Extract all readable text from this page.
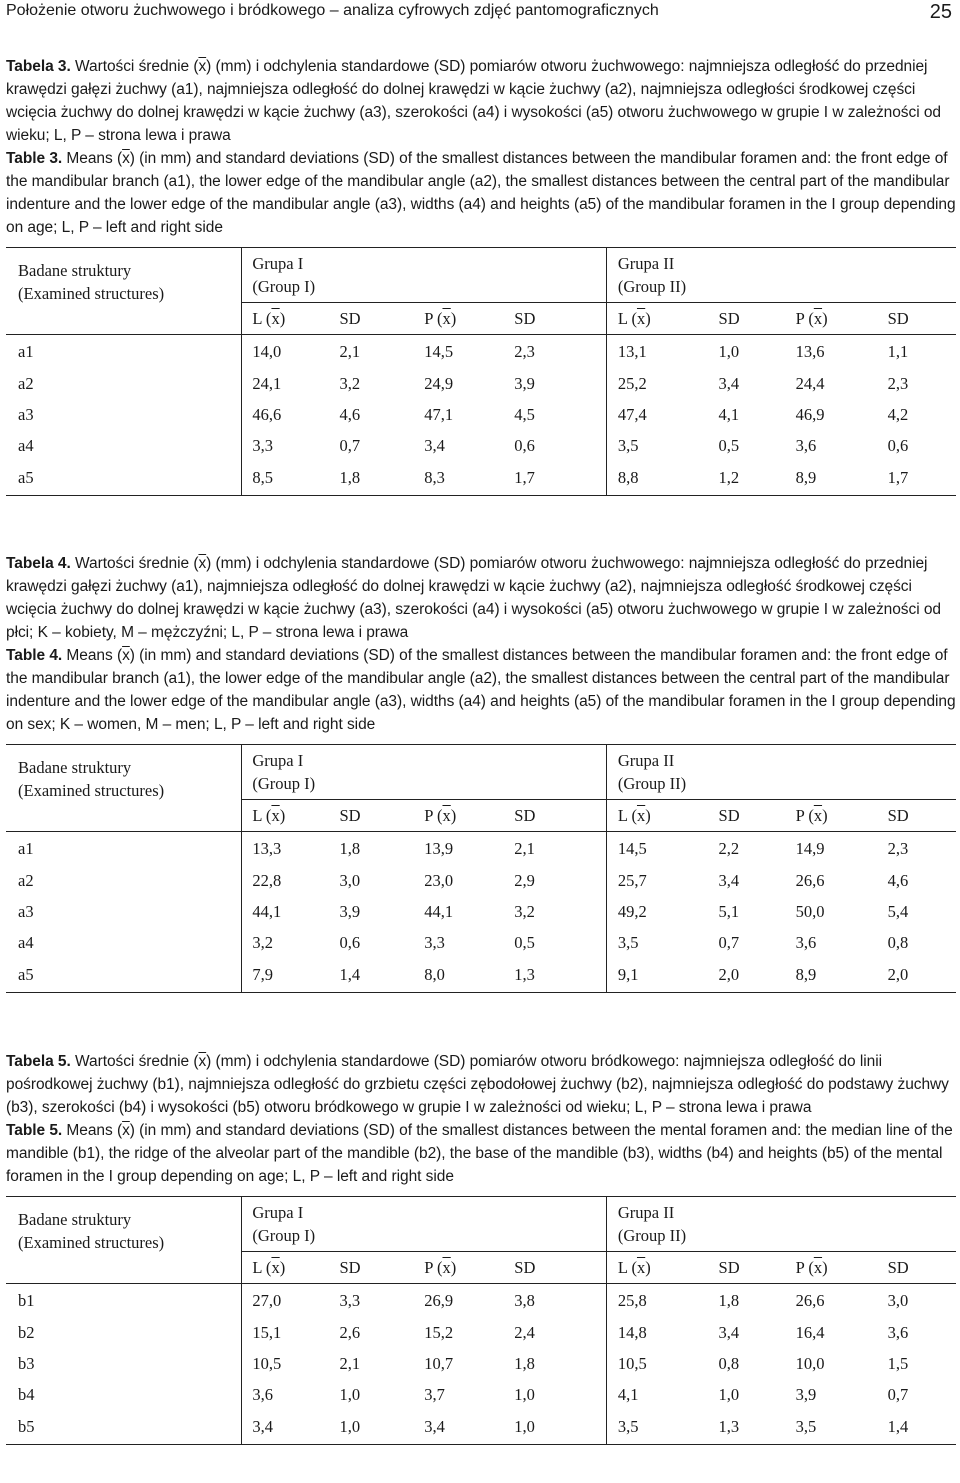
Położenie otworu żuchwowego i bródkowego – analiza cyfrowych zdjęć pantomograficznych	25

Tabela 3. Wartości średnie $(\overline{x})$ (mm) i odchylenia standardowe (SD) pomiarów otworu żuchwowego: najmniejsza odległość do przedniej krawędzi gałęzi żuchwy (a1), najmniejsza odległość do dolnej krawędzi w kącie żuchwy (a2), najmniejsza odległości środkowej części wcięcia żuchwy do dolnej krawędzi w kącie żuchwy (a3), szerokości (a4) i wysokości (a5) otworu żuchwowego w grupie I w zależności od wieku; L, P – strona lewa i prawa

Table 3. Means $(\overline{x})$ (in mm) and standard deviations (SD) of the smallest distances between the mandibular foramen and: the front edge of the mandibular branch (a1), the lower edge of the mandibular angle (a2), the smallest distances between the central part of the mandibular indenture and the lower edge of the mandibular angle (a3), widths (a4) and heights (a5) of the mandibular foramen in the I group depending on age; L, P – left and right side

Badane struktury
(Examined structures)	Grupa I
(Group I)				Grupa II
(Group II)			
	L $(\overline{x})$	SD	P $(\overline{x})$	SD	L $(\overline{x})$	SD	P $(\overline{x})$	SD
a1	14,0	2,1	14,5	2,3	13,1	1,0	13,6	1,1
a2	24,1	3,2	24,9	3,9	25,2	3,4	24,4	2,3
a3	46,6	4,6	47,1	4,5	47,4	4,1	46,9	4,2
a4	3,3	0,7	3,4	0,6	3,5	0,5	3,6	0,6
a5	8,5	1,8	8,3	1,7	8,8	1,2	8,9	1,7

Tabela 4. Wartości średnie $(\overline{x})$ (mm) i odchylenia standardowe (SD) pomiarów otworu żuchwowego: najmniejsza odległość do przedniej krawędzi gałęzi żuchwy (a1), najmniejsza odległość do dolnej krawędzi w kącie żuchwy (a2), najmniejsza odległość środkowej części wcięcia żuchwy do dolnej krawędzi w kącie żuchwy (a3), szerokości (a4) i wysokości (a5) otworu żuchwowego w grupie I w zależności od płci; K – kobiety, M – mężczyźni; L, P – strona lewa i prawa

Table 4. Means $(\overline{x})$ (in mm) and standard deviations (SD) of the smallest distances between the mandibular foramen and: the front edge of the mandibular branch (a1), the lower edge of the mandibular angle (a2), the smallest distances between the central part of the mandibular indenture and the lower edge of the mandibular angle (a3), widths (a4) and heights (a5) of the mandibular foramen in the I group depending on sex; K – women, M – men; L, P – left and right side

Badane struktury
(Examined structures)	Grupa I
(Group I)				Grupa II
(Group II)			
	L $(\overline{x})$	SD	P $(\overline{x})$	SD	L $(\overline{x})$	SD	P $(\overline{x})$	SD
a1	13,3	1,8	13,9	2,1	14,5	2,2	14,9	2,3
a2	22,8	3,0	23,0	2,9	25,7	3,4	26,6	4,6
a3	44,1	3,9	44,1	3,2	49,2	5,1	50,0	5,4
a4	3,2	0,6	3,3	0,5	3,5	0,7	3,6	0,8
a5	7,9	1,4	8,0	1,3	9,1	2,0	8,9	2,0

Tabela 5. Wartości średnie $(\overline{x})$ (mm) i odchylenia standardowe (SD) pomiarów otworu bródkowego: najmniejsza odległość do linii pośrodkowej żuchwy (b1), najmniejsza odległość do grzbietu części zębodołowej żuchwy (b2), najmniejsza odległość do podstawy żuchwy (b3), szerokości (b4) i wysokości (b5) otworu bródkowego w grupie I w zależności od wieku; L, P – strona lewa i prawa

Table 5. Means $(\overline{x})$ (in mm) and standard deviations (SD) of the smallest distances between the mental foramen and: the median line of the mandible (b1), the ridge of the alveolar part of the mandible (b2), the base of the mandible (b3), widths (b4) and heights (b5) of the mental foramen in the I group depending on age; L, P – left and right side

Badane struktury
(Examined structures)	Grupa I
(Group I)				Grupa II
(Group II)			
	L $(\overline{x})$	SD	P $(\overline{x})$	SD	L $(\overline{x})$	SD	P $(\overline{x})$	SD
b1	27,0	3,3	26,9	3,8	25,8	1,8	26,6	3,0
b2	15,1	2,6	15,2	2,4	14,8	3,4	16,4	3,6
b3	10,5	2,1	10,7	1,8	10,5	0,8	10,0	1,5
b4	3,6	1,0	3,7	1,0	4,1	1,0	3,9	0,7
b5	3,4	1,0	3,4	1,0	3,5	1,3	3,5	1,4
